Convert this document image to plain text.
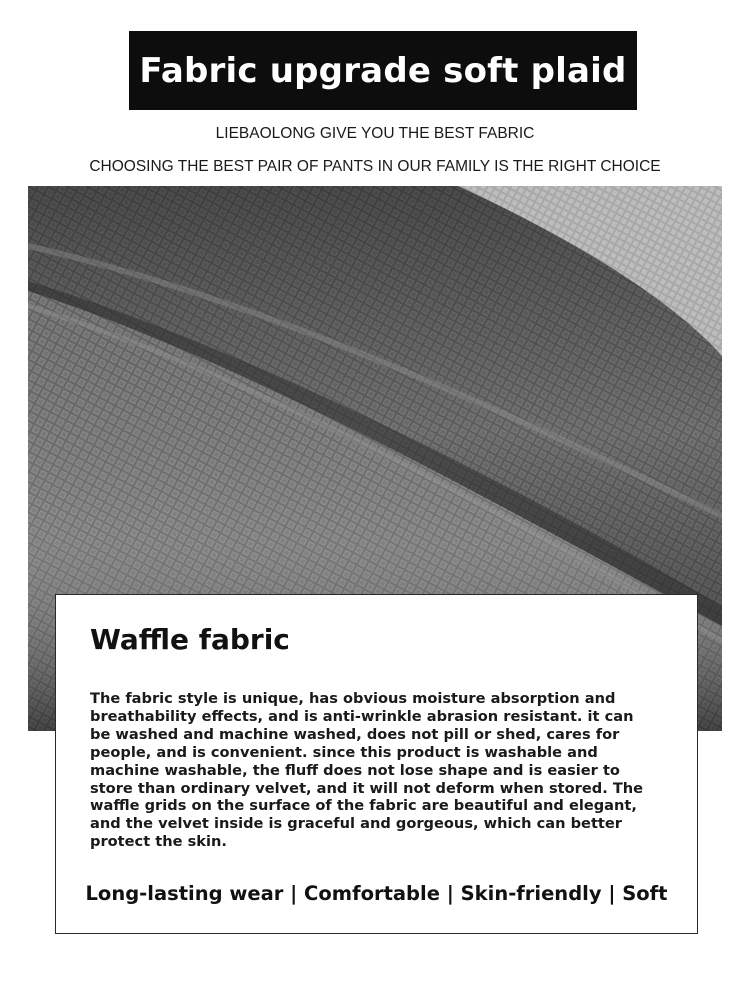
Fabric upgrade soft plaid
LIEBAOLONG GIVE YOU THE BEST FABRIC
CHOOSING THE BEST PAIR OF PANTS IN OUR FAMILY IS THE RIGHT CHOICE
Waffle fabric
The fabric style is unique, has obvious moisture absorption and breathability effects, and is anti-wrinkle abrasion resistant. it can be washed and machine washed, does not pill or shed, cares for people, and is convenient. since this product is washable and machine washable, the fluff does not lose shape and is easier to store than ordinary velvet, and it will not deform when stored. The waffle grids on the surface of the fabric are beautiful and elegant, and the velvet inside is graceful and gorgeous, which can better protect the skin.
Long-lasting wear | Comfortable | Skin-friendly | Soft
